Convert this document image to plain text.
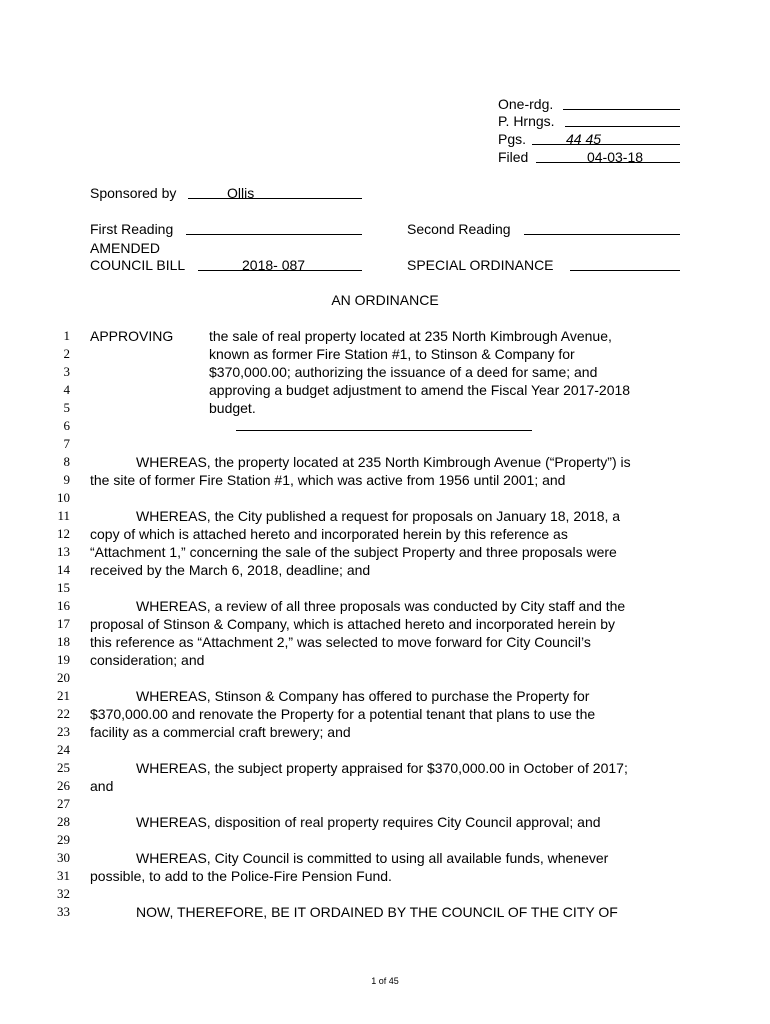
One-rdg.
P. Hrngs.
Pgs.	44 45
Filed	04-03-18
Sponsored by	Ollis
First Reading	Second Reading
AMENDED
COUNCIL BILL	2018- 087	SPECIAL ORDINANCE
AN ORDINANCE
1
2
3
4
5
6
7
8
9
10
11
12
13
14
15
16
17
18
19
20
21
22
23
24
25
26
27
28
29
30
31
32
33
APPROVING	the sale of real property located at 235 North Kimbrough Avenue,
known as former Fire Station #1, to Stinson & Company for
$370,000.00; authorizing the issuance of a deed for same; and
approving a budget adjustment to amend the Fiscal Year 2017-2018
budget.
WHEREAS, the property located at 235 North Kimbrough Avenue (“Property”) is
the site of former Fire Station #1, which was active from 1956 until 2001; and
WHEREAS, the City published a request for proposals on January 18, 2018, a
copy of which is attached hereto and incorporated herein by this reference as
“Attachment 1,” concerning the sale of the subject Property and three proposals were
received by the March 6, 2018, deadline; and
WHEREAS, a review of all three proposals was conducted by City staff and the
proposal of Stinson & Company, which is attached hereto and incorporated herein by
this reference as “Attachment 2,” was selected to move forward for City Council’s
consideration; and
WHEREAS, Stinson & Company has offered to purchase the Property for
$370,000.00 and renovate the Property for a potential tenant that plans to use the
facility as a commercial craft brewery; and
WHEREAS, the subject property appraised for $370,000.00 in October of 2017;
and
WHEREAS, disposition of real property requires City Council approval; and
WHEREAS, City Council is committed to using all available funds, whenever
possible, to add to the Police-Fire Pension Fund.
NOW, THEREFORE, BE IT ORDAINED BY THE COUNCIL OF THE CITY OF
1 of 45
